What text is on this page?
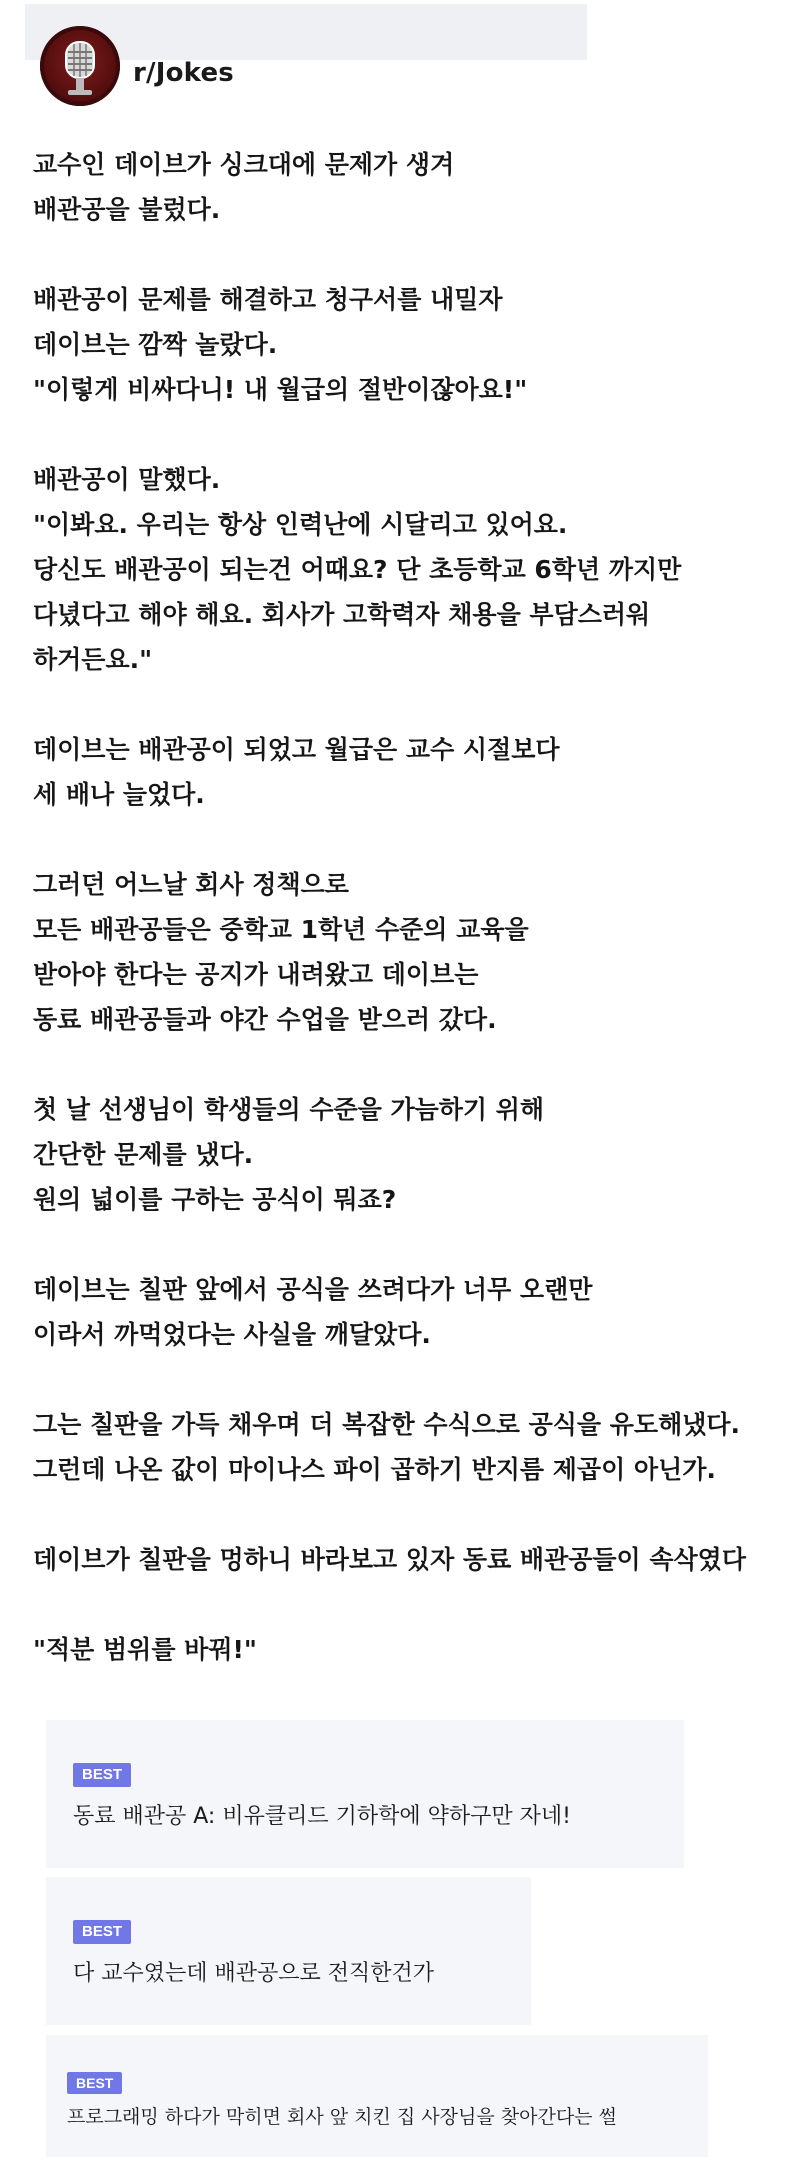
r/Jokes
교수인 데이브가 싱크대에 문제가 생겨
배관공을 불렀다.
배관공이 문제를 해결하고 청구서를 내밀자
데이브는 깜짝 놀랐다.
"이렇게 비싸다니! 내 월급의 절반이잖아요!"
배관공이 말했다.
"이봐요. 우리는 항상 인력난에 시달리고 있어요.
당신도 배관공이 되는건 어때요? 단 초등학교 6학년 까지만
다녔다고 해야 해요. 회사가 고학력자 채용을 부담스러워
하거든요."
데이브는 배관공이 되었고 월급은 교수 시절보다
세 배나 늘었다.
그러던 어느날 회사 정책으로
모든 배관공들은 중학교 1학년 수준의 교육을
받아야 한다는 공지가 내려왔고 데이브는
동료 배관공들과 야간 수업을 받으러 갔다.
첫 날 선생님이 학생들의 수준을 가늠하기 위해
간단한 문제를 냈다.
원의 넓이를 구하는 공식이 뭐죠?
데이브는 칠판 앞에서 공식을 쓰려다가 너무 오랜만
이라서 까먹었다는 사실을 깨달았다.
그는 칠판을 가득 채우며 더 복잡한 수식으로 공식을 유도해냈다.
그런데 나온 값이 마이나스 파이 곱하기 반지름 제곱이 아닌가.
데이브가 칠판을 멍하니 바라보고 있자 동료 배관공들이 속삭였다
"적분 범위를 바꿔!"
BEST
동료 배관공 A: 비유클리드 기하학에 약하구만 자네!
BEST
다 교수였는데 배관공으로 전직한건가
BEST
프로그래밍 하다가 막히면 회사 앞 치킨 집 사장님을 찾아간다는 썰
